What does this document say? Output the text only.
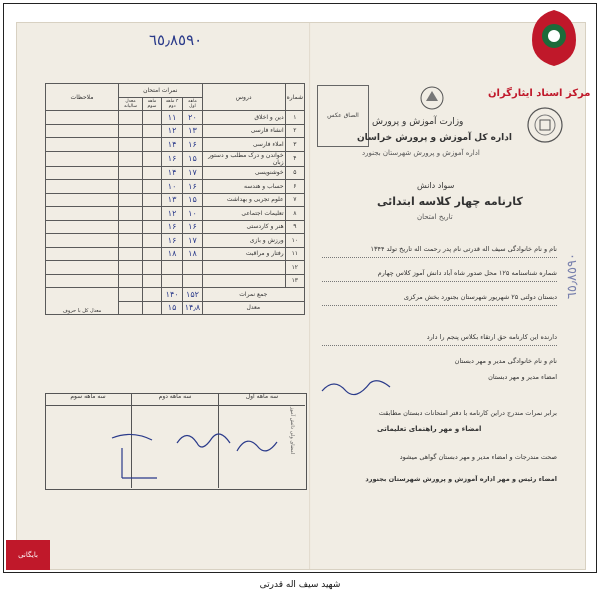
٦٥٫٨٥٩٠
شماره	دروس	نمرات امتحان				ملاحظات
		ماهه اول	۳ ماهه دوم	ماهه سوم	معدل سالیانه	
۱	دین و اخلاق	۲۰	۱۱			
۲	انشاء فارسی	۱۳	۱۲			
۳	املاء فارسی	۱۶	۱۴			
۴	خواندن و درک مطلب و دستور زبان	۱۵	۱۶			
۵	خوشنویسی	۱۷	۱۴			
۶	حساب و هندسه	۱۶	۱۰			
۷	علوم تجربی و بهداشت	۱۵	۱۳			
۸	تعلیمات اجتماعی	۱۰	۱۲			
۹	هنر و کاردستی	۱۶	۱۶			
۱۰	ورزش و بازی	۱۷	۱۶			
۱۱	رفتار و مراقبت	۱۸	۱۸			
۱۲						
۱۳						
جمع نمرات		۱۵۲	۱۴۰			معدل کل با حروف
معدل		۱۴٫۸	۱۵			
سه ماهه اول
سه ماهه دوم
سه ماهه سوم
امضای ولی دانش آموز
الصاق عکس
وزارت آموزش و پرورش
اداره کل آموزش و پرورش خراسان
اداره آموزش و پرورش شهرستان بجنورد
سواد دانش
کارنامه چهار کلاسه ابتدائی
تاریخ امتحان
نام و نام خانوادگی سیف اله قدرتی نام پدر رحمت اله تاریخ تولد ۱۳۴۴
شماره شناسنامه ۱۲۵ محل صدور شاه آباد دانش آموز کلاس چهارم
دبستان دولتی ۲۵ شهریور شهرستان بجنورد بخش مرکزی
دارنده این کارنامه حق ارتقاء بکلاس پنجم را دارد
نام و نام خانوادگی مدیر و مهر دبستان
امضاء مدیر و مهر دبستان
برابر نمرات مندرج دراین کارنامه با دفتر امتحانات دبستان مطابقت
امضاء و مهر راهنمای تعلیماتی
صحت مندرجات و امضاء مدیر و مهر دبستان گواهی میشود
امضاء رئیس و مهر اداره آموزش و پرورش شهرستان بجنورد
٦٥٫٨٥٩٠
مرکز اسناد ایثارگران
بایگانی
شهید سیف اله قدرتی
